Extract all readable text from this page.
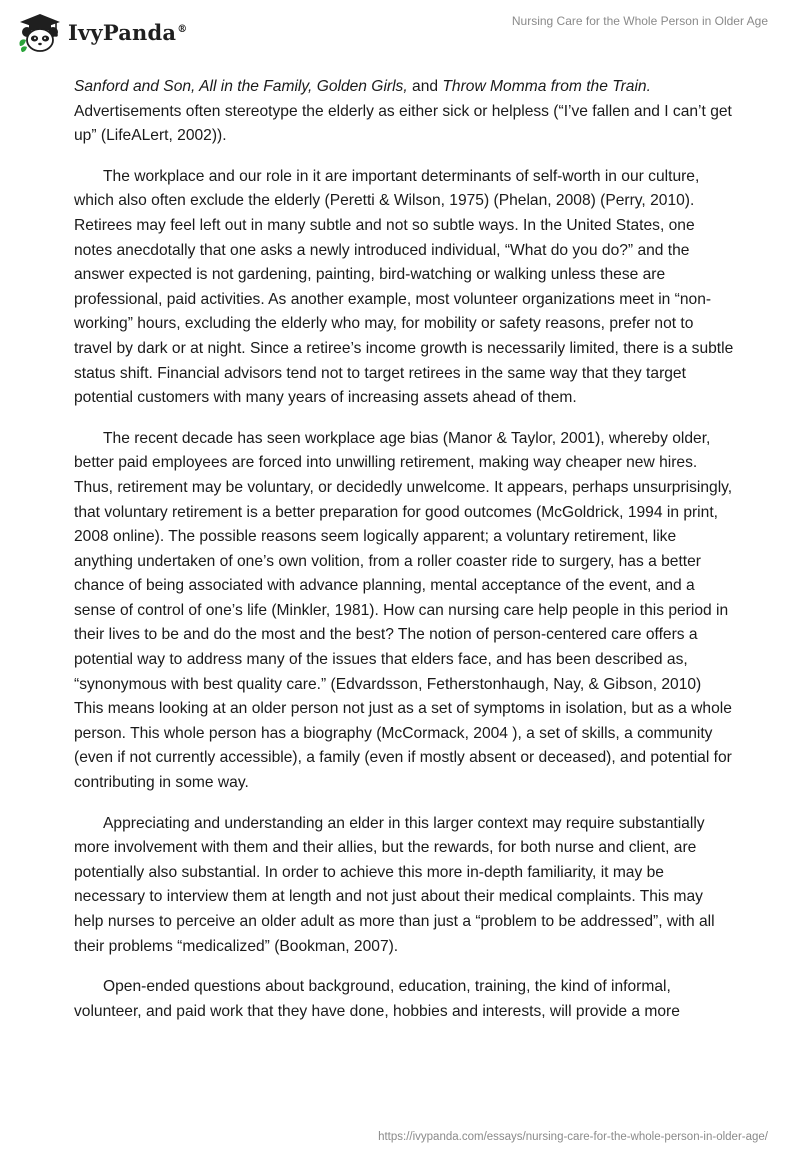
IvyPanda®
Nursing Care for the Whole Person in Older Age

Sanford and Son, All in the Family, Golden Girls, and Throw Momma from the Train. Advertisements often stereotype the elderly as either sick or helpless (“I’ve fallen and I can’t get up” (LifeALert, 2002)).

The workplace and our role in it are important determinants of self-worth in our culture, which also often exclude the elderly (Peretti & Wilson, 1975) (Phelan, 2008) (Perry, 2010). Retirees may feel left out in many subtle and not so subtle ways. In the United States, one notes anecdotally that one asks a newly introduced individual, “What do you do?” and the answer expected is not gardening, painting, bird-watching or walking unless these are professional, paid activities. As another example, most volunteer organizations meet in “non-working” hours, excluding the elderly who may, for mobility or safety reasons, prefer not to travel by dark or at night. Since a retiree’s income growth is necessarily limited, there is a subtle status shift. Financial advisors tend not to target retirees in the same way that they target potential customers with many years of increasing assets ahead of them.

The recent decade has seen workplace age bias (Manor & Taylor, 2001), whereby older, better paid employees are forced into unwilling retirement, making way cheaper new hires. Thus, retirement may be voluntary, or decidedly unwelcome. It appears, perhaps unsurprisingly, that voluntary retirement is a better preparation for good outcomes (McGoldrick, 1994 in print, 2008 online). The possible reasons seem logically apparent; a voluntary retirement, like anything undertaken of one’s own volition, from a roller coaster ride to surgery, has a better chance of being associated with advance planning, mental acceptance of the event, and a sense of control of one’s life (Minkler, 1981). How can nursing care help people in this period in their lives to be and do the most and the best? The notion of person-centered care offers a potential way to address many of the issues that elders face, and has been described as, “synonymous with best quality care.” (Edvardsson, Fetherstonhaugh, Nay, & Gibson, 2010) This means looking at an older person not just as a set of symptoms in isolation, but as a whole person. This whole person has a biography (McCormack, 2004 ), a set of skills, a community (even if not currently accessible), a family (even if mostly absent or deceased), and potential for contributing in some way.

Appreciating and understanding an elder in this larger context may require substantially more involvement with them and their allies, but the rewards, for both nurse and client, are potentially also substantial. In order to achieve this more in-depth familiarity, it may be necessary to interview them at length and not just about their medical complaints. This may help nurses to perceive an older adult as more than just a “problem to be addressed”, with all their problems “medicalized” (Bookman, 2007).

Open-ended questions about background, education, training, the kind of informal, volunteer, and paid work that they have done, hobbies and interests, will provide a more

https://ivypanda.com/essays/nursing-care-for-the-whole-person-in-older-age/
